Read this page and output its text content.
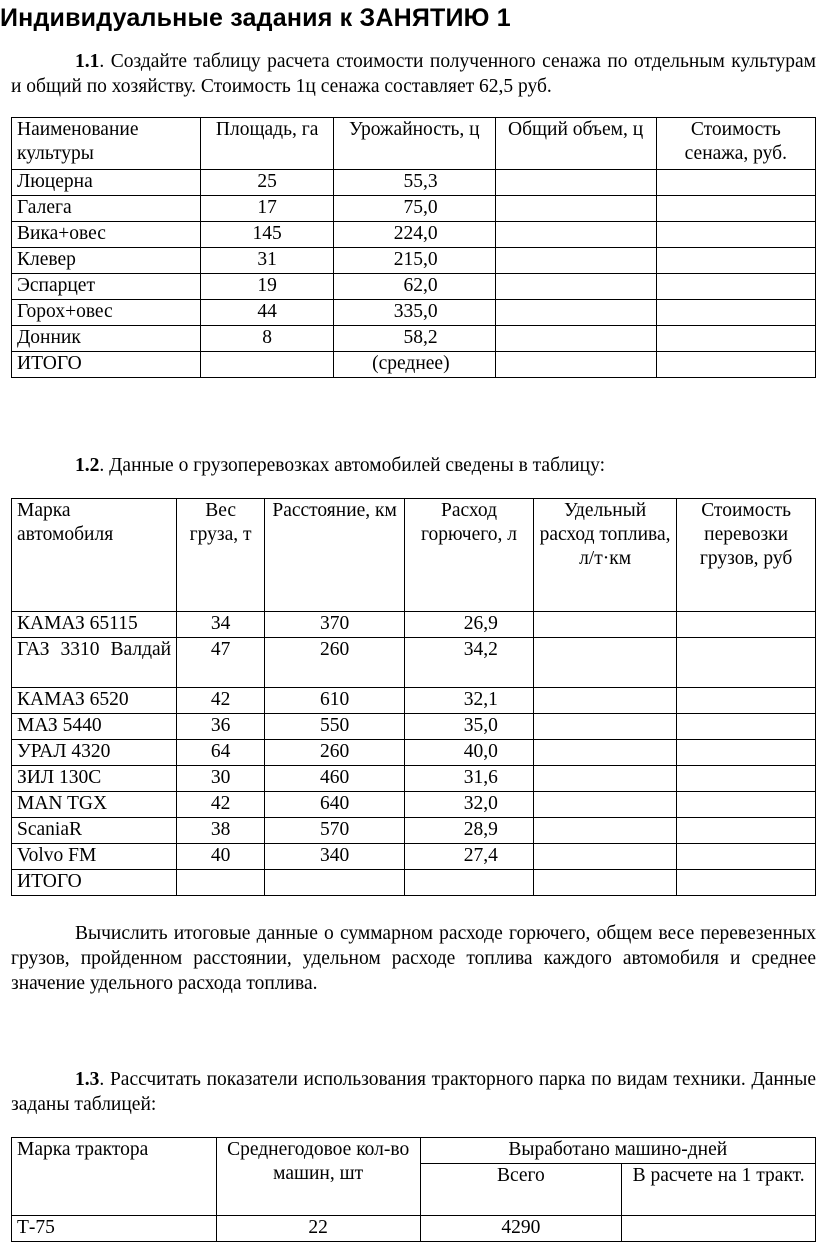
Индивидуальные задания к ЗАНЯТИЮ 1
1.1. Создайте таблицу расчета стоимости полученного сенажа по отдельным культурам и общий по хозяйству. Стоимость 1ц сенажа составляет 62,5 руб.
Наименование культуры	Площадь, га	Урожайность, ц	Общий объем, ц	Стоимость сенажа, руб.
Люцерна	25	55,3		
Галега	17	75,0		
Вика+овес	145	224,0		
Клевер	31	215,0		
Эспарцет	19	62,0		
Горох+овес	44	335,0		
Донник	8	58,2		
ИТОГО		(среднее)		
1.2. Данные о грузоперевозках автомобилей сведены в таблицу:
Марка автомобиля	Вес груза, т	Расстояние, км	Расход горючего, л	Удельный расход топлива, л/т·км	Стоимость перевозки грузов, руб
КАМАЗ 65115	34	370	26,9		
ГАЗ 3310 Валдай	47	260	34,2		
КАМАЗ 6520	42	610	32,1		
МАЗ 5440	36	550	35,0		
УРАЛ 4320	64	260	40,0		
ЗИЛ 130С	30	460	31,6		
MAN TGX	42	640	32,0		
ScaniaR	38	570	28,9		
Volvo FM	40	340	27,4		
ИТОГО					
Вычислить итоговые данные о суммарном расходе горючего, общем весе перевезенных грузов, пройденном расстоянии, удельном расходе топлива каждого автомобиля и среднее значение удельного расхода топлива.
1.3. Рассчитать показатели использования тракторного парка по видам техники. Данные заданы таблицей:
Марка трактора	Среднегодовое кол-во машин, шт	Выработано машино-дней	
		Всего	В расчете на 1 тракт.
Т-75	22	4290	
